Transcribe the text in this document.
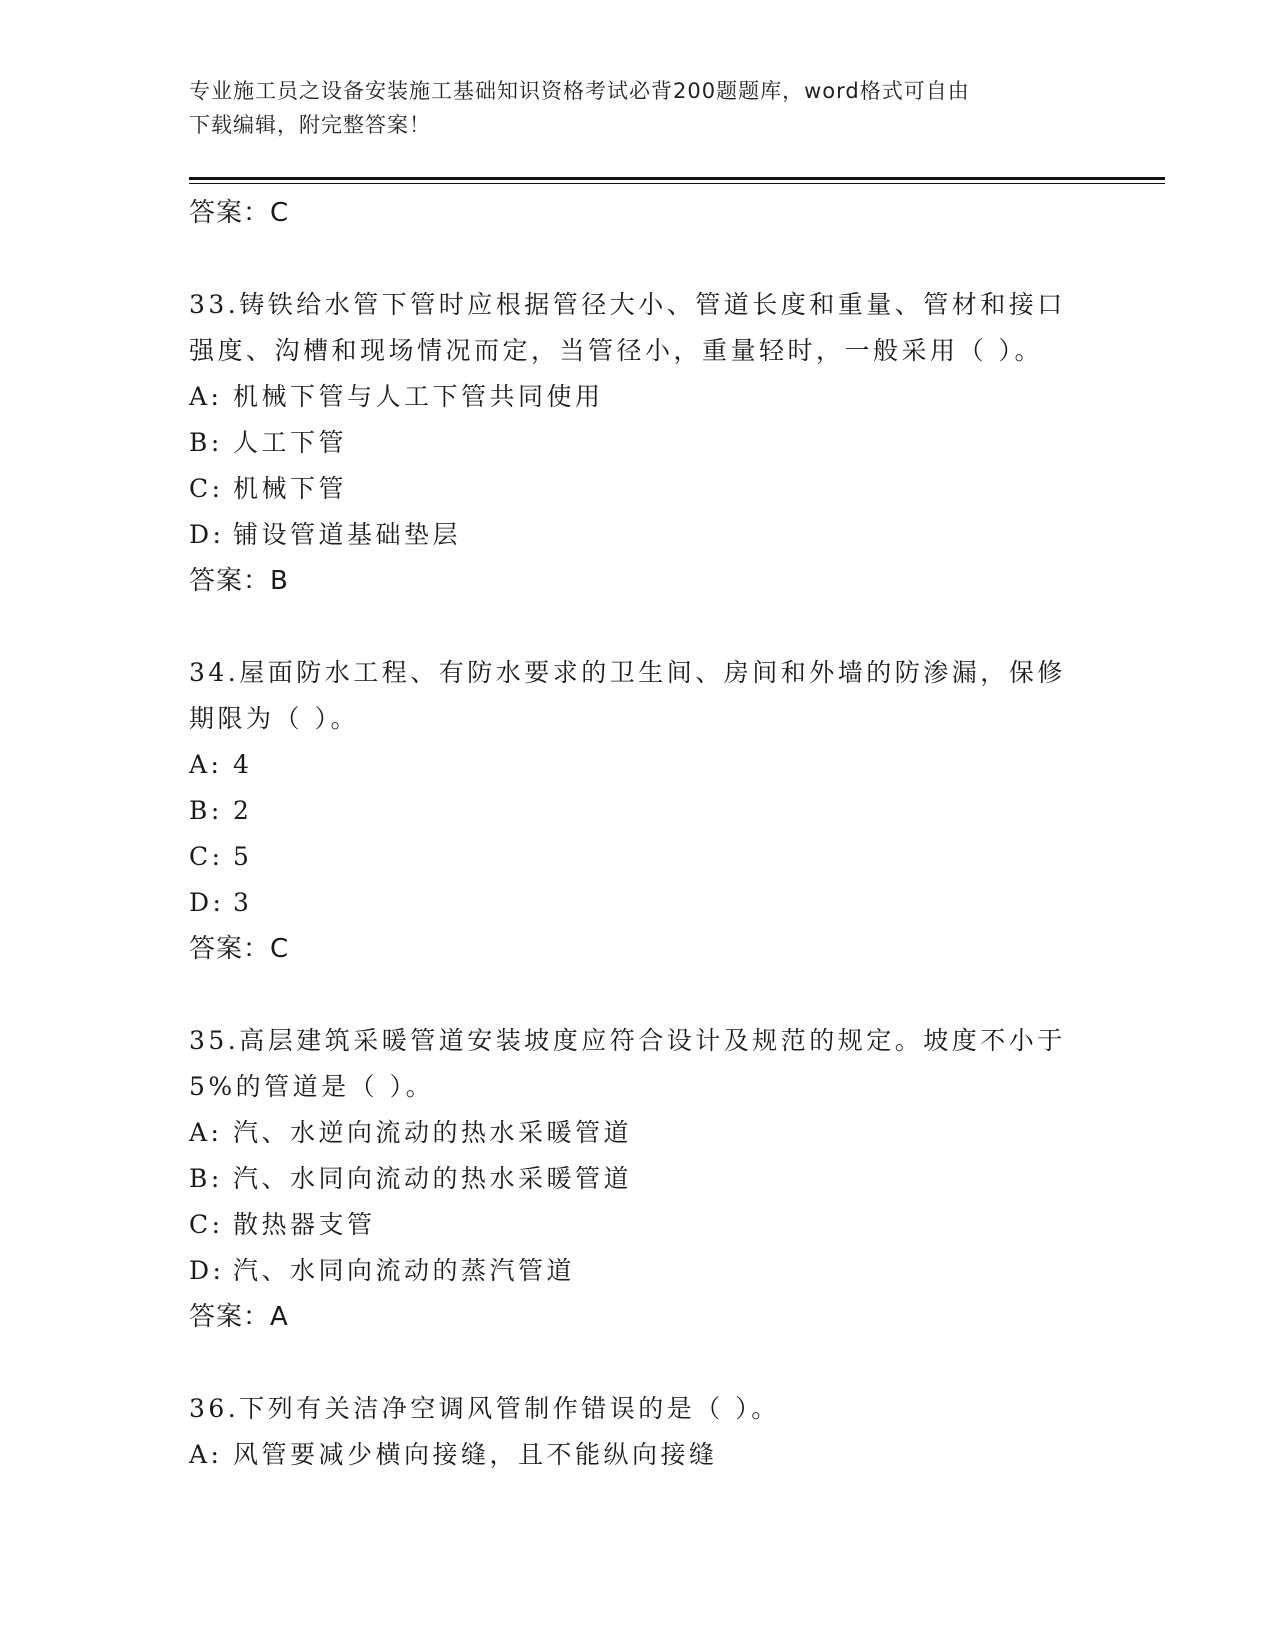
专业施工员之设备安装施工基础知识资格考试必背200题题库，word格式可自由
下载编辑，附完整答案！
答案：C
33.铸铁给水管下管时应根据管径大小、管道长度和重量、管材和接口
强度、沟槽和现场情况而定，当管径小，重量轻时，一般采用（ ）。
A: 机械下管与人工下管共同使用
B: 人工下管
C: 机械下管
D: 铺设管道基础垫层
答案：B
34.屋面防水工程、有防水要求的卫生间、房间和外墙的防渗漏，保修
期限为（ ）。
A: 4
B: 2
C: 5
D: 3
答案：C
35.高层建筑采暖管道安装坡度应符合设计及规范的规定。坡度不小于
5%的管道是（ ）。
A: 汽、水逆向流动的热水采暖管道
B: 汽、水同向流动的热水采暖管道
C: 散热器支管
D: 汽、水同向流动的蒸汽管道
答案：A
36.下列有关洁净空调风管制作错误的是（ ）。
A: 风管要减少横向接缝，且不能纵向接缝
